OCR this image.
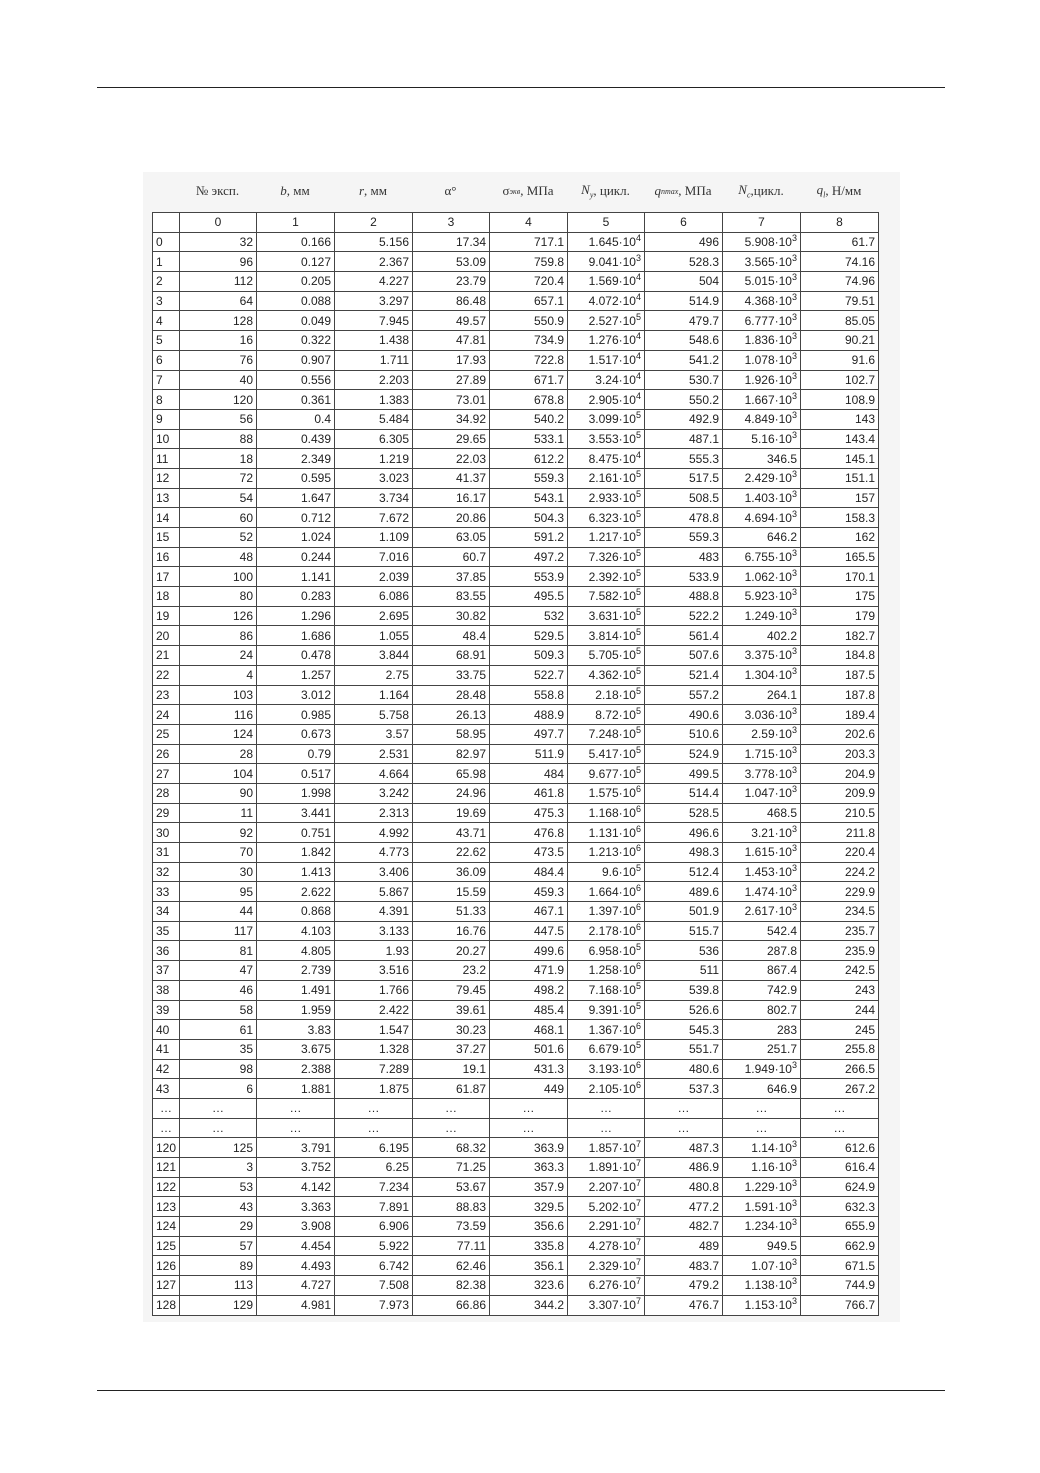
№ эксп.	b , мм	r , мм	α°	σ экв , МПа	$N_y$ , цикл.	q nmax , МПа	$N_c$ ,цикл.	$q_l$ , Н/мм
	0	1	2	3	4	5	6	7	8
0	32	0.166	5.156	17.34	717.1	$1.645\cdot 10^4$	496	$5.908\cdot 10^3$	61.7
1	96	0.127	2.367	53.09	759.8	$9.041\cdot 10^3$	528.3	$3.565\cdot 10^3$	74.16
2	112	0.205	4.227	23.79	720.4	$1.569\cdot 10^4$	504	$5.015\cdot 10^3$	74.96
3	64	0.088	3.297	86.48	657.1	$4.072\cdot 10^4$	514.9	$4.368\cdot 10^3$	79.51
4	128	0.049	7.945	49.57	550.9	$2.527\cdot 10^5$	479.7	$6.777\cdot 10^3$	85.05
5	16	0.322	1.438	47.81	734.9	$1.276\cdot 10^4$	548.6	$1.836\cdot 10^3$	90.21
6	76	0.907	1.711	17.93	722.8	$1.517\cdot 10^4$	541.2	$1.078\cdot 10^3$	91.6
7	40	0.556	2.203	27.89	671.7	$3.24\cdot 10^4$	530.7	$1.926\cdot 10^3$	102.7
8	120	0.361	1.383	73.01	678.8	$2.905\cdot 10^4$	550.2	$1.667\cdot 10^3$	108.9
9	56	0.4	5.484	34.92	540.2	$3.099\cdot 10^5$	492.9	$4.849\cdot 10^3$	143
10	88	0.439	6.305	29.65	533.1	$3.553\cdot 10^5$	487.1	$5.16\cdot 10^3$	143.4
11	18	2.349	1.219	22.03	612.2	$8.475\cdot 10^4$	555.3	346.5	145.1
12	72	0.595	3.023	41.37	559.3	$2.161\cdot 10^5$	517.5	$2.429\cdot 10^3$	151.1
13	54	1.647	3.734	16.17	543.1	$2.933\cdot 10^5$	508.5	$1.403\cdot 10^3$	157
14	60	0.712	7.672	20.86	504.3	$6.323\cdot 10^5$	478.8	$4.694\cdot 10^3$	158.3
15	52	1.024	1.109	63.05	591.2	$1.217\cdot 10^5$	559.3	646.2	162
16	48	0.244	7.016	60.7	497.2	$7.326\cdot 10^5$	483	$6.755\cdot 10^3$	165.5
17	100	1.141	2.039	37.85	553.9	$2.392\cdot 10^5$	533.9	$1.062\cdot 10^3$	170.1
18	80	0.283	6.086	83.55	495.5	$7.582\cdot 10^5$	488.8	$5.923\cdot 10^3$	175
19	126	1.296	2.695	30.82	532	$3.631\cdot 10^5$	522.2	$1.249\cdot 10^3$	179
20	86	1.686	1.055	48.4	529.5	$3.814\cdot 10^5$	561.4	402.2	182.7
21	24	0.478	3.844	68.91	509.3	$5.705\cdot 10^5$	507.6	$3.375\cdot 10^3$	184.8
22	4	1.257	2.75	33.75	522.7	$4.362\cdot 10^5$	521.4	$1.304\cdot 10^3$	187.5
23	103	3.012	1.164	28.48	558.8	$2.18\cdot 10^5$	557.2	264.1	187.8
24	116	0.985	5.758	26.13	488.9	$8.72\cdot 10^5$	490.6	$3.036\cdot 10^3$	189.4
25	124	0.673	3.57	58.95	497.7	$7.248\cdot 10^5$	510.6	$2.59\cdot 10^3$	202.6
26	28	0.79	2.531	82.97	511.9	$5.417\cdot 10^5$	524.9	$1.715\cdot 10^3$	203.3
27	104	0.517	4.664	65.98	484	$9.677\cdot 10^5$	499.5	$3.778\cdot 10^3$	204.9
28	90	1.998	3.242	24.96	461.8	$1.575\cdot 10^6$	514.4	$1.047\cdot 10^3$	209.9
29	11	3.441	2.313	19.69	475.3	$1.168\cdot 10^6$	528.5	468.5	210.5
30	92	0.751	4.992	43.71	476.8	$1.131\cdot 10^6$	496.6	$3.21\cdot 10^3$	211.8
31	70	1.842	4.773	22.62	473.5	$1.213\cdot 10^6$	498.3	$1.615\cdot 10^3$	220.4
32	30	1.413	3.406	36.09	484.4	$9.6\cdot 10^5$	512.4	$1.453\cdot 10^3$	224.2
33	95	2.622	5.867	15.59	459.3	$1.664\cdot 10^6$	489.6	$1.474\cdot 10^3$	229.9
34	44	0.868	4.391	51.33	467.1	$1.397\cdot 10^6$	501.9	$2.617\cdot 10^3$	234.5
35	117	4.103	3.133	16.76	447.5	$2.178\cdot 10^6$	515.7	542.4	235.7
36	81	4.805	1.93	20.27	499.6	$6.958\cdot 10^5$	536	287.8	235.9
37	47	2.739	3.516	23.2	471.9	$1.258\cdot 10^6$	511	867.4	242.5
38	46	1.491	1.766	79.45	498.2	$7.168\cdot 10^5$	539.8	742.9	243
39	58	1.959	2.422	39.61	485.4	$9.391\cdot 10^5$	526.6	802.7	244
40	61	3.83	1.547	30.23	468.1	$1.367\cdot 10^6$	545.3	283	245
41	35	3.675	1.328	37.27	501.6	$6.679\cdot 10^5$	551.7	251.7	255.8
42	98	2.388	7.289	19.1	431.3	$3.193\cdot 10^6$	480.6	$1.949\cdot 10^3$	266.5
43	6	1.881	1.875	61.87	449	$2.105\cdot 10^6$	537.3	646.9	267.2
…	…	…	…	…	…	…	…	…	…
…	…	…	…	…	…	…	…	…	…
120	125	3.791	6.195	68.32	363.9	$1.857\cdot 10^7$	487.3	$1.14\cdot 10^3$	612.6
121	3	3.752	6.25	71.25	363.3	$1.891\cdot 10^7$	486.9	$1.16\cdot 10^3$	616.4
122	53	4.142	7.234	53.67	357.9	$2.207\cdot 10^7$	480.8	$1.229\cdot 10^3$	624.9
123	43	3.363	7.891	88.83	329.5	$5.202\cdot 10^7$	477.2	$1.591\cdot 10^3$	632.3
124	29	3.908	6.906	73.59	356.6	$2.291\cdot 10^7$	482.7	$1.234\cdot 10^3$	655.9
125	57	4.454	5.922	77.11	335.8	$4.278\cdot 10^7$	489	949.5	662.9
126	89	4.493	6.742	62.46	356.1	$2.329\cdot 10^7$	483.7	$1.07\cdot 10^3$	671.5
127	113	4.727	7.508	82.38	323.6	$6.276\cdot 10^7$	479.2	$1.138\cdot 10^3$	744.9
128	129	4.981	7.973	66.86	344.2	$3.307\cdot 10^7$	476.7	$1.153\cdot 10^3$	766.7
